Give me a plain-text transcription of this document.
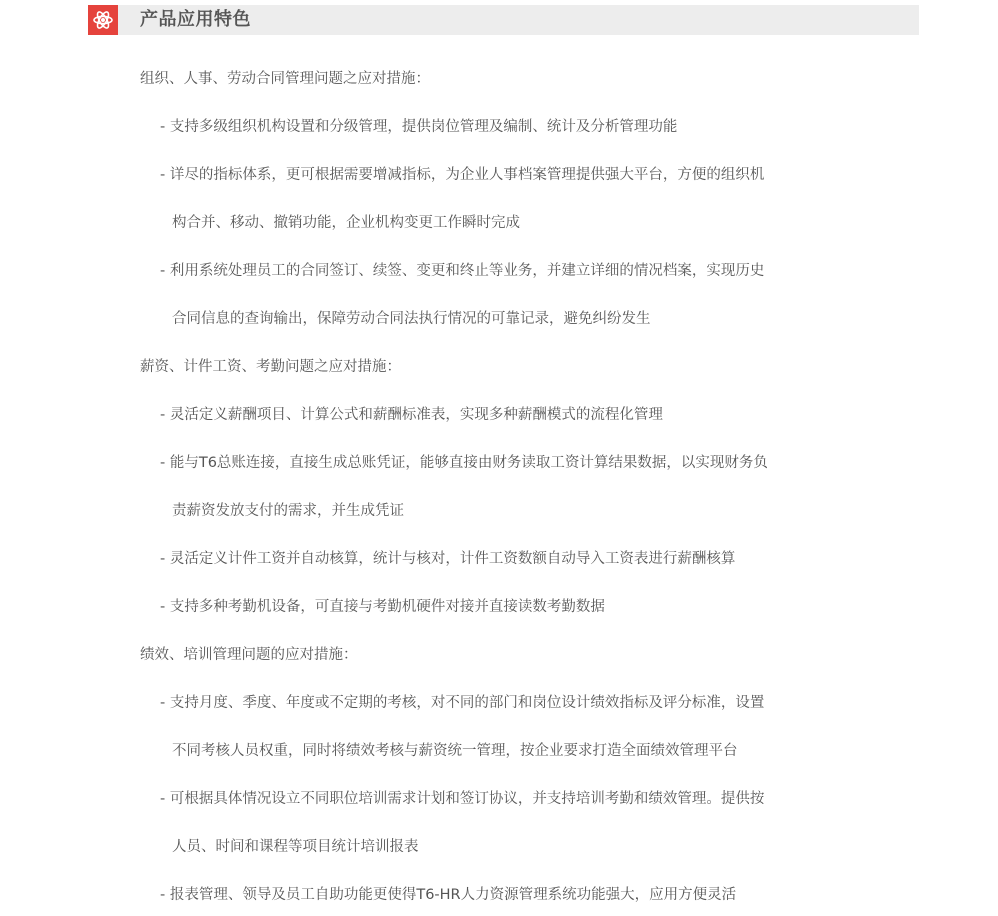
产品应用特色
组织、人事、劳动合同管理问题之应对措施：
- 支持多级组织机构设置和分级管理，提供岗位管理及编制、统计及分析管理功能
- 详尽的指标体系，更可根据需要增减指标，为企业人事档案管理提供强大平台，方便的组织机
构合并、移动、撤销功能，企业机构变更工作瞬时完成
- 利用系统处理员工的合同签订、续签、变更和终止等业务，并建立详细的情况档案，实现历史
合同信息的查询输出，保障劳动合同法执行情况的可靠记录，避免纠纷发生
薪资、计件工资、考勤问题之应对措施：
- 灵活定义薪酬项目、计算公式和薪酬标准表，实现多种薪酬模式的流程化管理
- 能与T6总账连接，直接生成总账凭证，能够直接由财务读取工资计算结果数据，以实现财务负
责薪资发放支付的需求，并生成凭证
- 灵活定义计件工资并自动核算，统计与核对，计件工资数额自动导入工资表进行薪酬核算
- 支持多种考勤机设备，可直接与考勤机硬件对接并直接读数考勤数据
绩效、培训管理问题的应对措施：
- 支持月度、季度、年度或不定期的考核，对不同的部门和岗位设计绩效指标及评分标准，设置
不同考核人员权重，同时将绩效考核与薪资统一管理，按企业要求打造全面绩效管理平台
- 可根据具体情况设立不同职位培训需求计划和签订协议，并支持培训考勤和绩效管理。提供按
人员、时间和课程等项目统计培训报表
- 报表管理、领导及员工自助功能更使得T6-HR人力资源管理系统功能强大，应用方便灵活
